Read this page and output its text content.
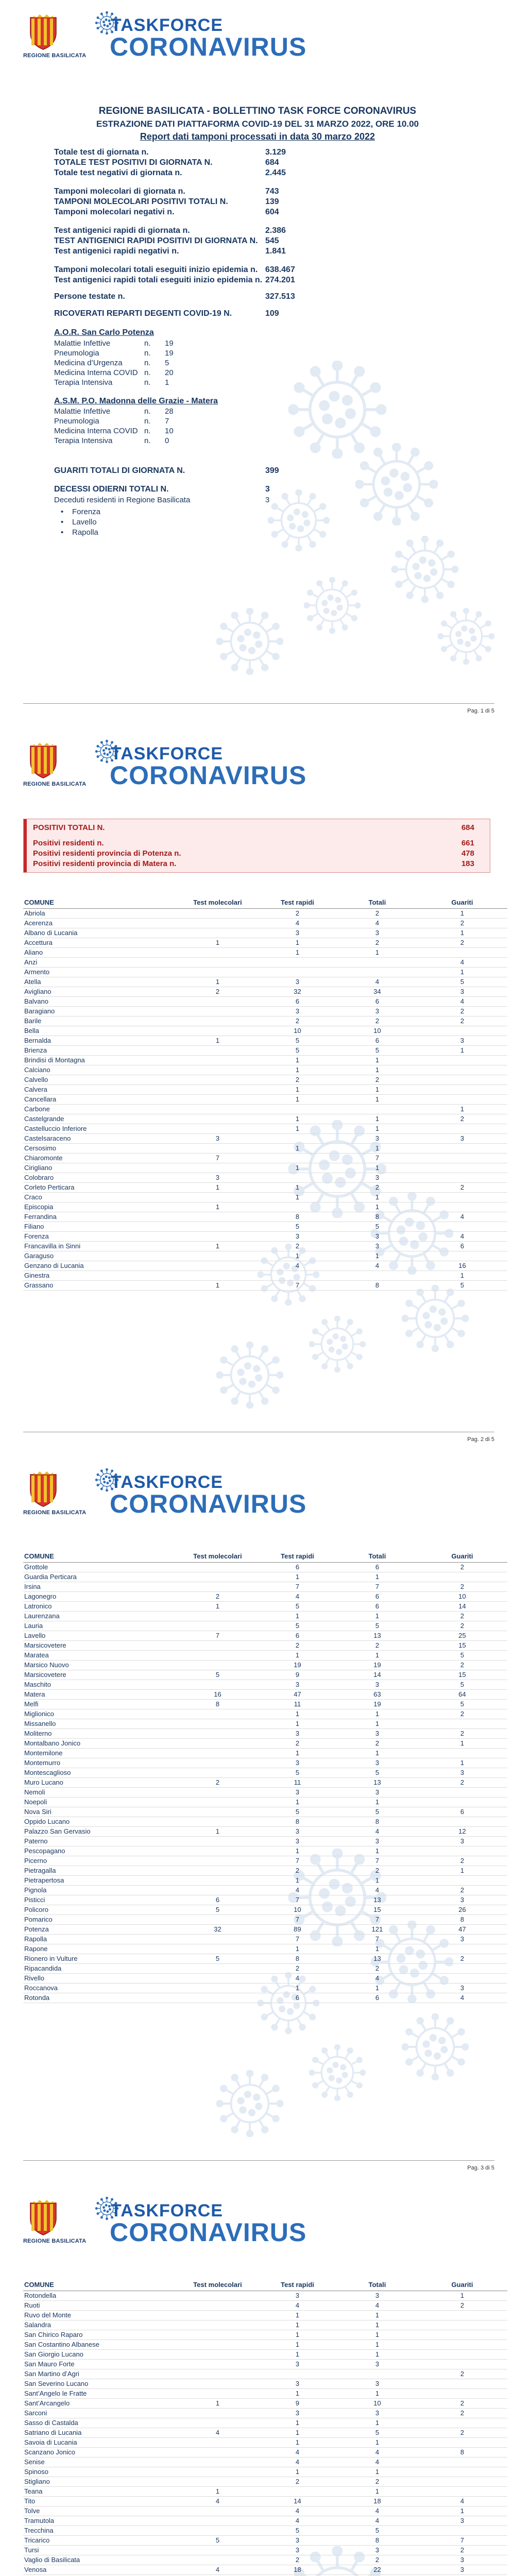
REGIONE BASILICATA
TASKFORCE
CORONAVIRUS
REGIONE BASILICATA - BOLLETTINO TASK FORCE CORONAVIRUS
ESTRAZIONE DATI PIATTAFORMA COVID-19 DEL 31 MARZO 2022, ORE 10.00
Report dati tamponi processati in data 30 marzo 2022
Totale test di giornata n.	3.129
TOTALE TEST POSITIVI DI GIORNATA N.	684
Totale test negativi di giornata n.	2.445
Tamponi molecolari di giornata n.	743
TAMPONI MOLECOLARI POSITIVI TOTALI N.	139
Tamponi molecolari negativi n.	604
Test antigenici rapidi di giornata n.	2.386
TEST ANTIGENICI RAPIDI POSITIVI DI GIORNATA N. 545
Test antigenici rapidi negativi n.	1.841
Tamponi molecolari totali eseguiti inizio epidemia n. 638.467
Test antigenici rapidi totali eseguiti inizio epidemia n. 274.201
Persone testate n.	327.513
RICOVERATI REPARTI DEGENTI COVID-19 N.	109
A.O.R. San Carlo Potenza
Malattie Infettive	n. 19
Pneumologia	n. 19
Medicina d’Urgenza	n. 5
Medicina Interna COVID n. 20
Terapia Intensiva	n. 1
A.S.M. P.O. Madonna delle Grazie - Matera
Malattie Infettive	n. 28
Pneumologia	n. 7
Medicina Interna COVID n. 10
Terapia Intensiva	n. 0
GUARITI TOTALI DI GIORNATA N.	399
DECESSI ODIERNI TOTALI N.	3
Deceduti residenti in Regione Basilicata	3
• Forenza
• Lavello
• Rapolla
Pag. 1 di 5
REGIONE BASILICATA
TASKFORCE
CORONAVIRUS
POSITIVI TOTALI N.	684
Positivi residenti n.	661
Positivi residenti provincia di Potenza n.	478
Positivi residenti provincia di Matera n.	183
COMUNE	Test molecolari	Test rapidi	Totali	Guariti
Abriola		2	2	1
Acerenza		4	4	2
Albano di Lucania		3	3	1
Accettura	1	1	2	2
Aliano		1	1	
Anzi				4
Armento				1
Atella	1	3	4	5
Avigliano	2	32	34	3
Balvano		6	6	4
Baragiano		3	3	2
Barile		2	2	2
Bella		10	10	
Bernalda	1	5	6	3
Brienza		5	5	1
Brindisi di Montagna		1	1	
Calciano		1	1	
Calvello		2	2	
Calvera		1	1	
Cancellara		1	1	
Carbone				1
Castelgrande		1	1	2
Castelluccio Inferiore		1	1	
Castelsaraceno	3		3	3
Cersosimo		1	1	
Chiaromonte	7		7	
Cirigliano		1	1	
Colobraro	3		3	
Corleto Perticara	1	1	2	2
Craco		1	1	
Episcopia	1		1	
Ferrandina		8	8	4
Filiano		5	5	
Forenza		3	3	4
Francavilla in Sinni	1	2	3	6
Garaguso		1	1	
Genzano di Lucania		4	4	16
Ginestra				1
Grassano	1	7	8	5
Pag. 2 di 5
REGIONE BASILICATA
TASKFORCE
CORONAVIRUS
COMUNE	Test molecolari	Test rapidi	Totali	Guariti
Grottole		6	6	2
Guardia Perticara		1	1	
Irsina		7	7	2
Lagonegro	2	4	6	10
Latronico	1	5	6	14
Laurenzana		1	1	2
Lauria		5	5	2
Lavello	7	6	13	25
Marsicovetere		2	2	15
Maratea		1	1	5
Marsico Nuovo		19	19	2
Marsicovetere	5	9	14	15
Maschito		3	3	5
Matera	16	47	63	64
Melfi	8	11	19	5
Miglionico		1	1	2
Missanello		1	1	
Moliterno		3	3	2
Montalbano Jonico		2	2	1
Montemilone		1	1	
Montemurro		3	3	1
Montescaglioso		5	5	3
Muro Lucano	2	11	13	2
Nemoli		3	3	
Noepoli		1	1	
Nova Siri		5	5	6
Oppido Lucano		8	8	
Palazzo San Gervasio	1	3	4	12
Paterno		3	3	3
Pescopagano		1	1	
Picerno		7	7	2
Pietragalla		2	2	1
Pietrapertosa		1	1	
Pignola		4	4	2
Pisticci	6	7	13	3
Policoro	5	10	15	26
Pomarico		7	7	8
Potenza	32	89	121	47
Rapolla		7	7	3
Rapone		1	1	
Rionero in Vulture	5	8	13	2
Ripacandida		2	2	
Rivello		4	4	
Roccanova		1	1	3
Rotonda		6	6	4
Pag. 3 di 5
REGIONE BASILICATA
TASKFORCE
CORONAVIRUS
COMUNE	Test molecolari	Test rapidi	Totali	Guariti
Rotondella		3	3	1
Ruoti		4	4	2
Ruvo del Monte		1	1	
Salandra		1	1	
San Chirico Raparo		1	1	
San Costantino Albanese		1	1	
San Giorgio Lucano		1	1	
San Mauro Forte		3	3	
San Martino d’Agri				2
San Severino Lucano		3	3	
Sant’Angelo le Fratte		1	1	
Sant’Arcangelo	1	9	10	2
Sarconi		3	3	2
Sasso di Castalda		1	1	
Satriano di Lucania	4	1	5	2
Savoia di Lucania		1	1	
Scanzano Jonico		4	4	8
Senise		4	4	
Spinoso		1	1	
Stigliano		2	2	
Teana	1		1	
Tito	4	14	18	4
Tolve		4	4	1
Tramutola		4	4	3
Trecchina		5	5	
Tricarico	5	3	8	7
Tursi		3	3	2
Vaglio di Basilicata		2	2	3
Venosa	4	18	22	3
